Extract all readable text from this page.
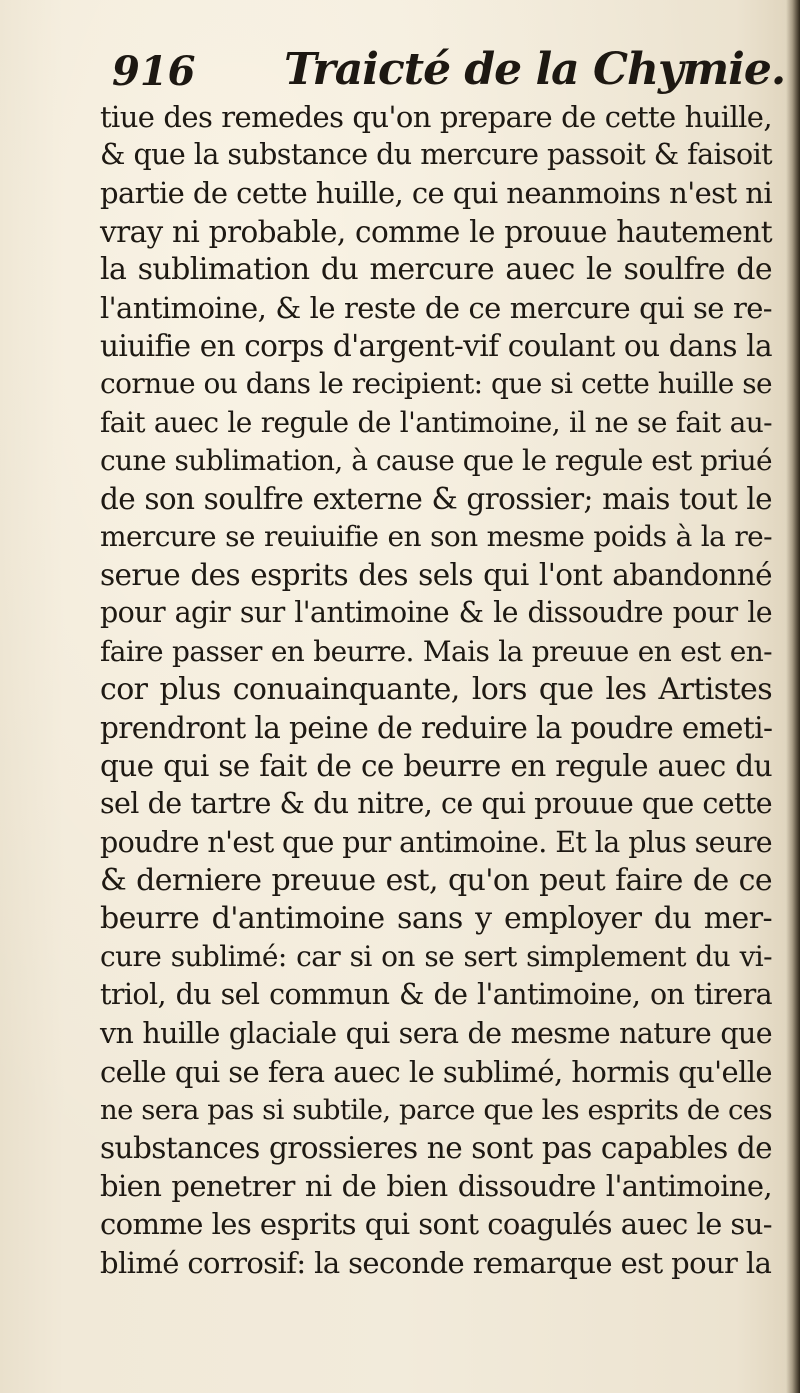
916 Traicté de la Chymie.
tiue des remedes qu'on prepare de cette huille,
& que la substance du mercure passoit & faisoit
partie de cette huille, ce qui neanmoins n'est ni
vray ni probable, comme le prouue hautement
la sublimation du mercure auec le soulfre de
l'antimoine, & le reste de ce mercure qui se re-
uiuifie en corps d'argent-vif coulant ou dans la
cornue ou dans le recipient: que si cette huille se
fait auec le regule de l'antimoine, il ne se fait au-
cune sublimation, à cause que le regule est priué
de son soulfre externe & grossier; mais tout le
mercure se reuiuifie en son mesme poids à la re-
serue des esprits des sels qui l'ont abandonné
pour agir sur l'antimoine & le dissoudre pour le
faire passer en beurre. Mais la preuue en est en-
cor plus conuainquante, lors que les Artistes
prendront la peine de reduire la poudre emeti-
que qui se fait de ce beurre en regule auec du
sel de tartre & du nitre, ce qui prouue que cette
poudre n'est que pur antimoine. Et la plus seure
& derniere preuue est, qu'on peut faire de ce
beurre d'antimoine sans y employer du mer-
cure sublimé: car si on se sert simplement du vi-
triol, du sel commun & de l'antimoine, on tirera
vn huille glaciale qui sera de mesme nature que
celle qui se fera auec le sublimé, hormis qu'elle
ne sera pas si subtile, parce que les esprits de ces
substances grossieres ne sont pas capables de
bien penetrer ni de bien dissoudre l'antimoine,
comme les esprits qui sont coagulés auec le su-
blimé corrosif: la seconde remarque est pour la
